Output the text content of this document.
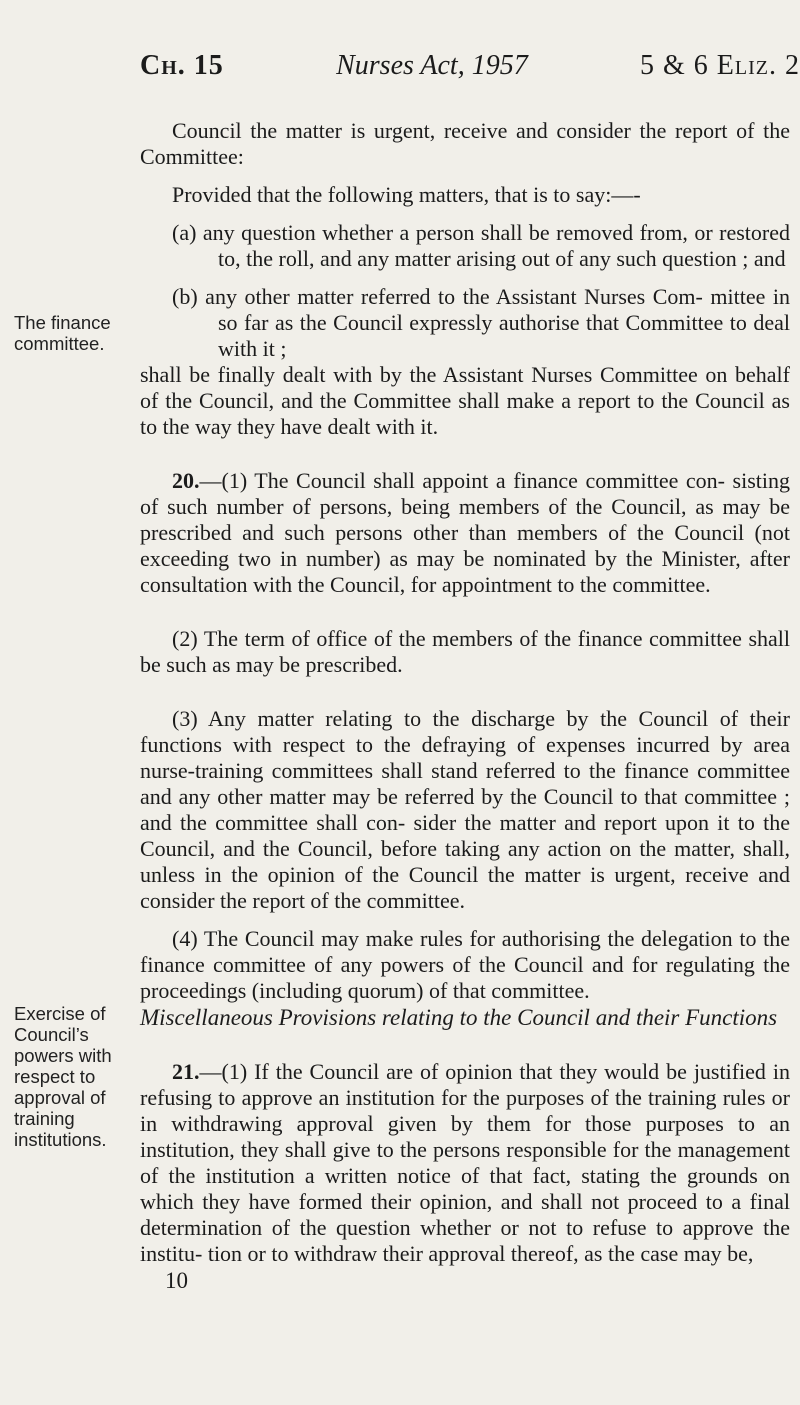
Ch. 15	Nurses Act, 1957	5 & 6 Eliz. 2
The finance committee.
Exercise of Council’s powers with respect to approval of training institutions.

Council the matter is urgent, receive and consider the report of the Committee:

Provided that the following matters, that is to say:—-

(a) any question whether a person shall be removed from, or restored to, the roll, and any matter arising out of any such question ; and

(b) any other matter referred to the Assistant Nurses Com- mittee in so far as the Council expressly authorise that Committee to deal with it ;

shall be finally dealt with by the Assistant Nurses Committee on behalf of the Council, and the Committee shall make a report to the Council as to the way they have dealt with it.

20.—(1) The Council shall appoint a finance committee con- sisting of such number of persons, being members of the Council, as may be prescribed and such persons other than members of the Council (not exceeding two in number) as may be nominated by the Minister, after consultation with the Council, for appointment to the committee.

(2) The term of office of the members of the finance committee shall be such as may be prescribed.

(3) Any matter relating to the discharge by the Council of their functions with respect to the defraying of expenses incurred by area nurse-training committees shall stand referred to the finance committee and any other matter may be referred by the Council to that committee ; and the committee shall con- sider the matter and report upon it to the Council, and the Council, before taking any action on the matter, shall, unless in the opinion of the Council the matter is urgent, receive and consider the report of the committee.

(4) The Council may make rules for authorising the delegation to the finance committee of any powers of the Council and for regulating the proceedings (including quorum) of that committee.

Miscellaneous Provisions relating to the Council and their Functions

21.—(1) If the Council are of opinion that they would be justified in refusing to approve an institution for the purposes of the training rules or in withdrawing approval given by them for those purposes to an institution, they shall give to the persons responsible for the management of the institution a written notice of that fact, stating the grounds on which they have formed their opinion, and shall not proceed to a final determination of the question whether or not to refuse to approve the institu- tion or to withdraw their approval thereof, as the case may be,

10
